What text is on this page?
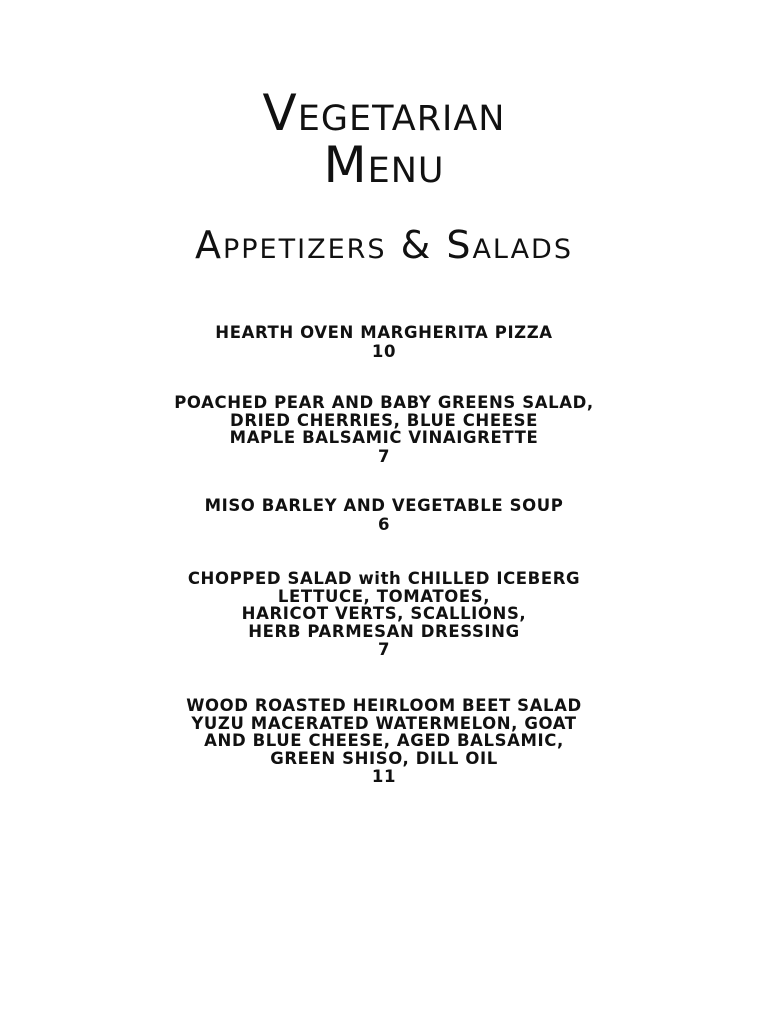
Vegetarian
Menu
Appetizers & Salads
HEARTH OVEN MARGHERITA PIZZA
10
POACHED PEAR AND BABY GREENS SALAD,
DRIED CHERRIES, BLUE CHEESE
MAPLE BALSAMIC VINAIGRETTE
7
MISO BARLEY AND VEGETABLE SOUP
6
CHOPPED SALAD with CHILLED ICEBERG
LETTUCE, TOMATOES,
HARICOT VERTS, SCALLIONS,
HERB PARMESAN DRESSING
7
WOOD ROASTED HEIRLOOM BEET SALAD
YUZU MACERATED WATERMELON, GOAT
AND BLUE CHEESE, AGED BALSAMIC,
GREEN SHISO, DILL OIL
11
